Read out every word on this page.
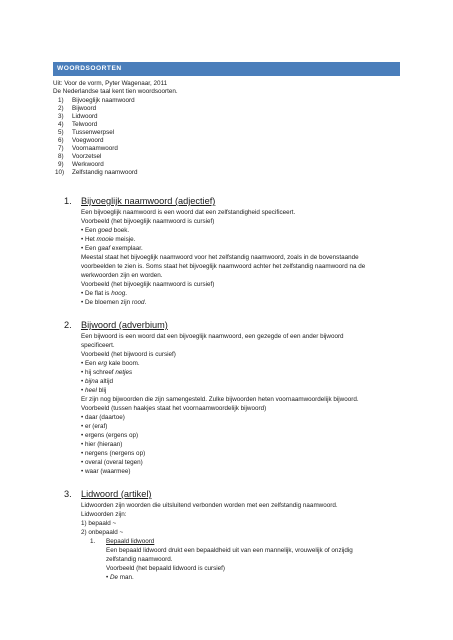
WOORDSOORTEN
Uit: Voor de vorm, Pyter Wagenaar, 2011
De Nederlandse taal kent tien woordsoorten.
1) Bijvoeglijk naamwoord
2) Bijwoord
3) Lidwoord
4) Telwoord
5) Tussenwerpsel
6) Voegwoord
7) Voornaamwoord
8) Voorzetsel
9) Werkwoord
10) Zelfstandig naamwoord
1. Bijvoeglijk naamwoord (adjectief)
Een bijvoeglijk naamwoord is een woord dat een zelfstandigheid specificeert.
Voorbeeld (het bijvoeglijk naamwoord is cursief)
• Een goed boek.
• Het mooie meisje.
• Een gaaf exemplaar.
Meestal staat het bijvoeglijk naamwoord voor het zelfstandig naamwoord, zoals in de bovenstaande
voorbeelden te zien is. Soms staat het bijvoeglijk naamwoord achter het zelfstandig naamwoord na de
werkwoorden zijn en worden.
Voorbeeld (het bijvoeglijk naamwoord is cursief)
• De flat is hoog.
• De bloemen zijn rood.
2. Bijwoord (adverbium)
Een bijwoord is een woord dat een bijvoeglijk naamwoord, een gezegde of een ander bijwoord
specificeert.
Voorbeeld (het bijwoord is cursief)
• Een erg kale boom.
• hij schreef netjes
• bijna altijd
• heel blij
Er zijn nog bijwoorden die zijn samengesteld. Zulke bijwoorden heten voornaamwoordelijk bijwoord.
Voorbeeld (tussen haakjes staat het voornaamwoordelijk bijwoord)
• daar (daartoe)
• er (eraf)
• ergens (ergens op)
• hier (hieraan)
• nergens (nergens op)
• overal (overal tegen)
• waar (waarmee)
3. Lidwoord (artikel)
Lidwoorden zijn woorden die uitsluitend verbonden worden met een zelfstandig naamwoord.
Lidwoorden zijn:
1) bepaald ~
2) onbepaald ~
1. Bepaald lidwoord
Een bepaald lidwoord drukt een bepaaldheid uit van een mannelijk, vrouwelijk of onzijdig
zelfstandig naamwoord.
Voorbeeld (het bepaald lidwoord is cursief)
• De man.
